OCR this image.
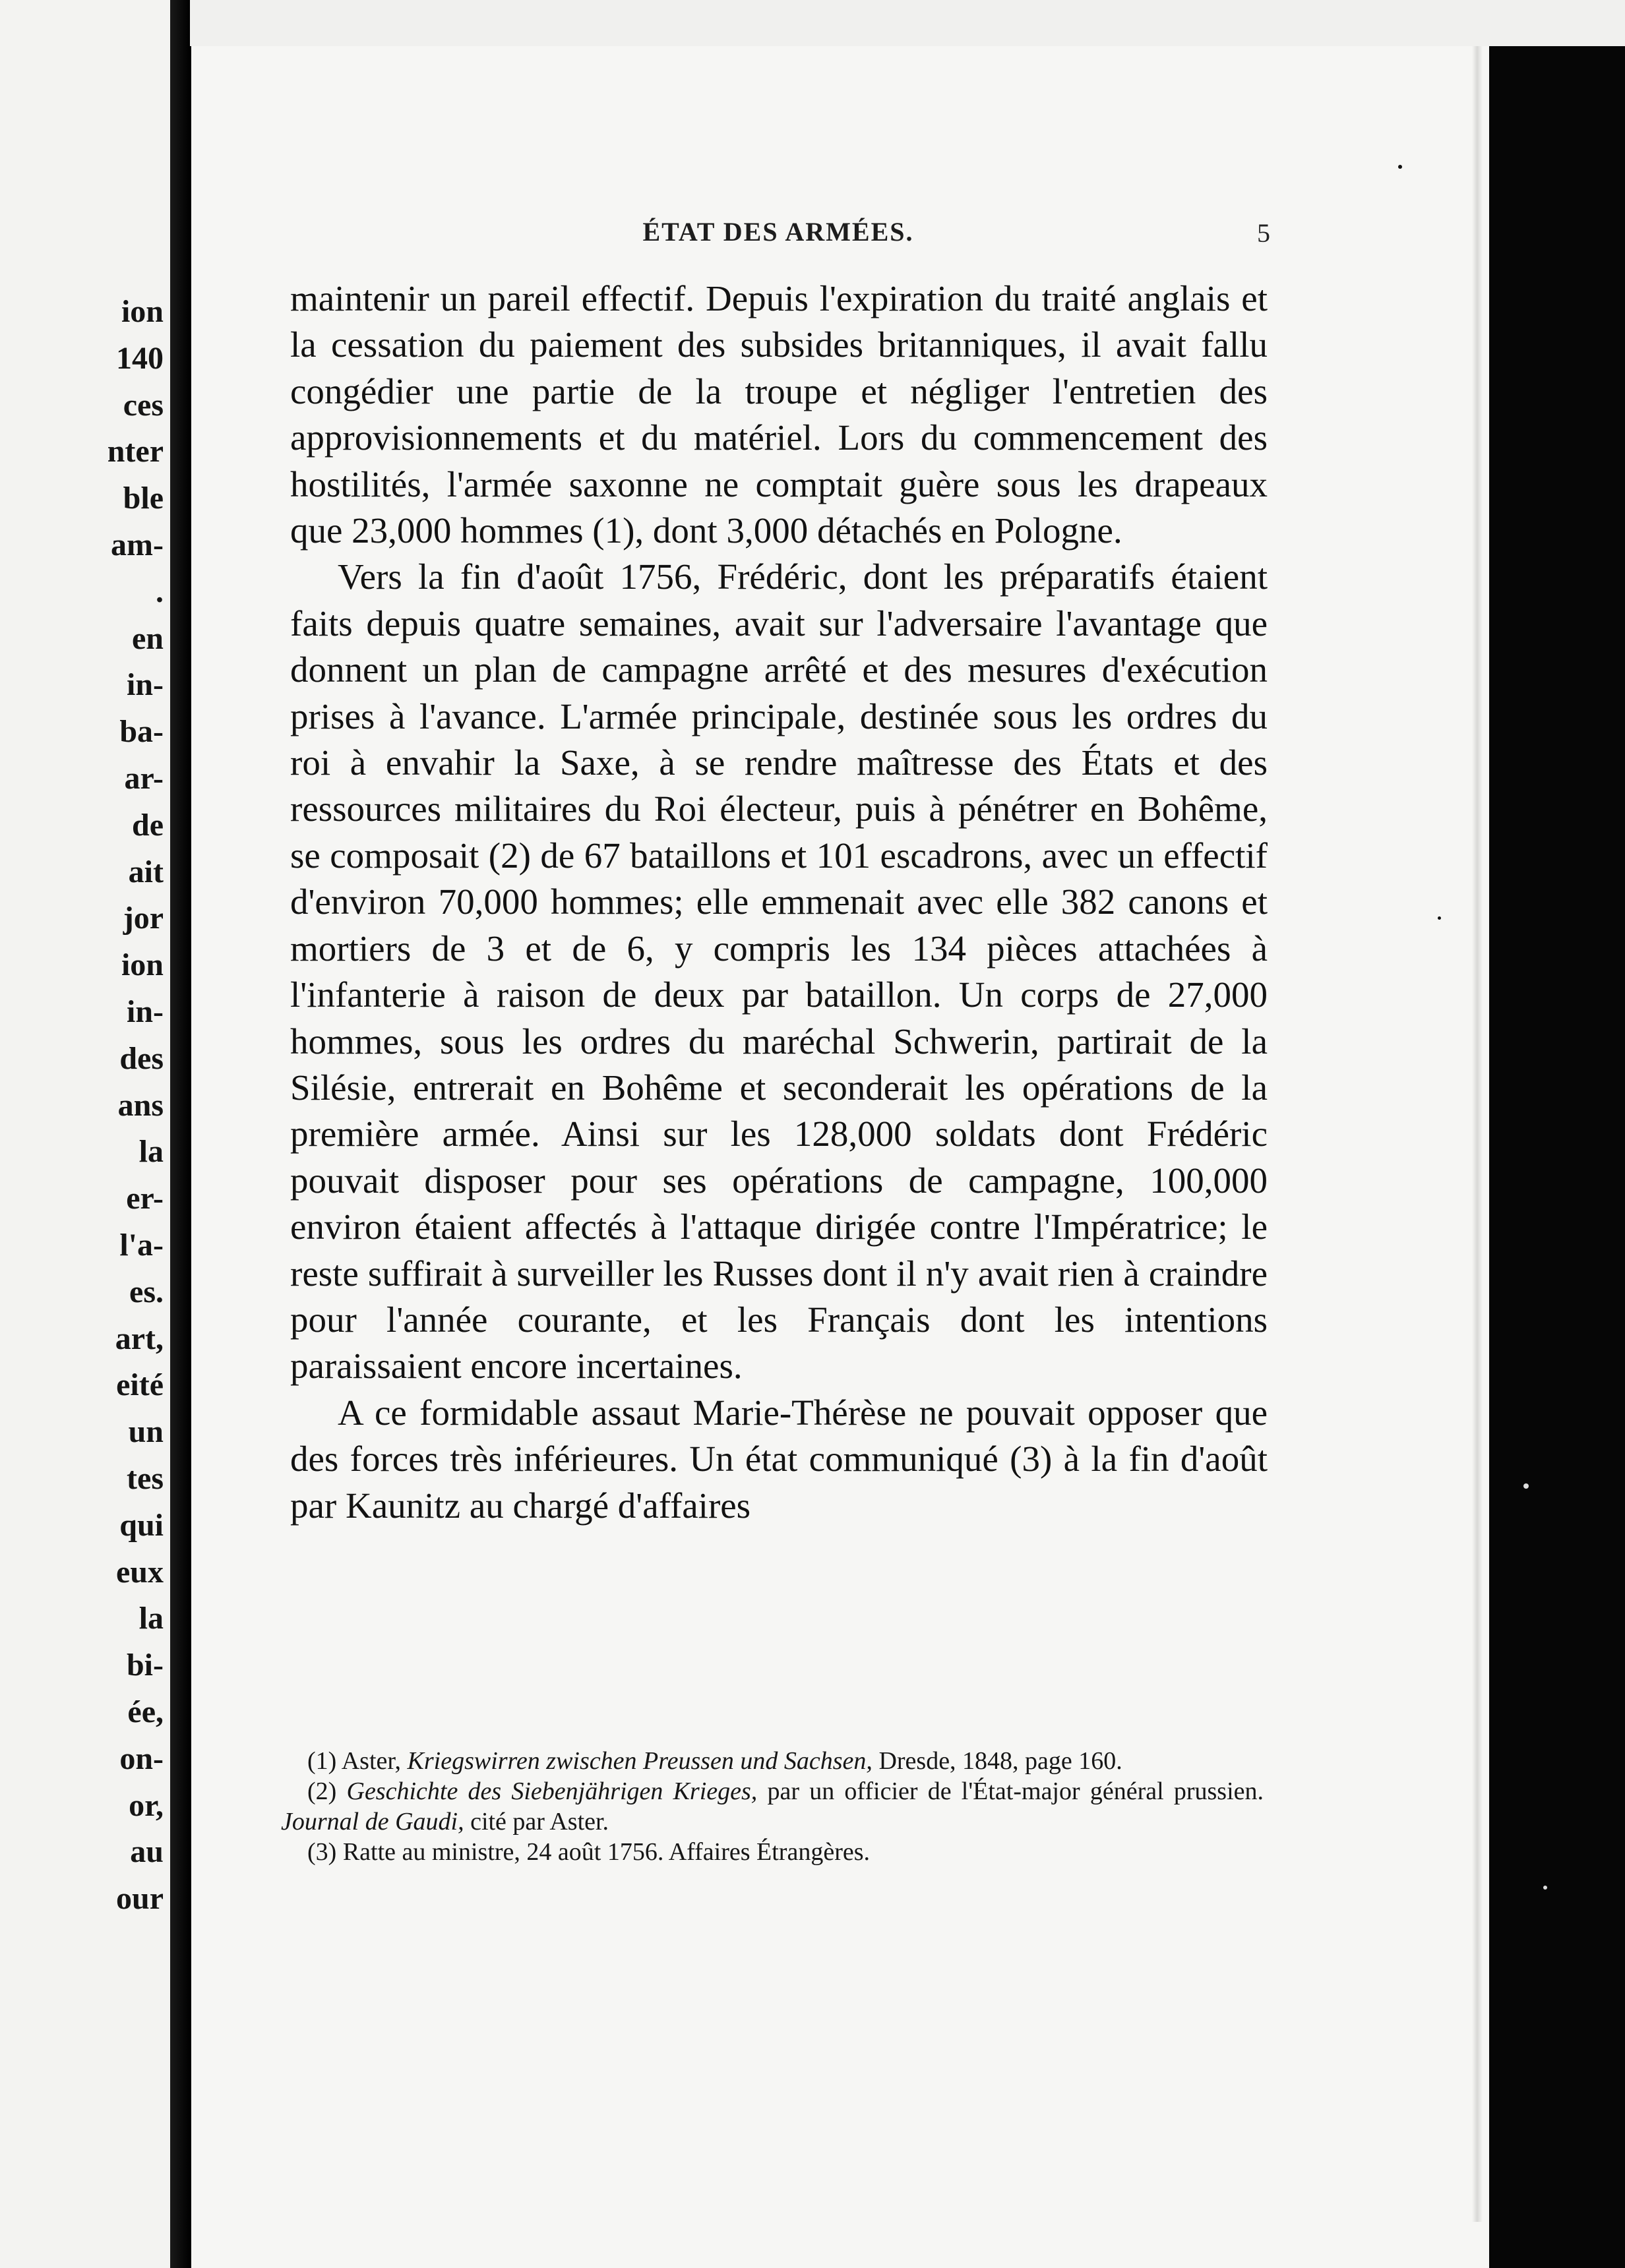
ion
140
ces
nter
ble
am-
.
en
in-
ba-
ar-
de
ait
jor
ion
in-
des
ans
la
er-
l'a-
es.
art,
eité
un
tes
qui
eux
la
bi-
ée,
on-
or,
au
our
ÉTAT DES ARMÉES.	5

maintenir un pareil effectif. Depuis l'expiration du traité anglais et la cessation du paiement des subsides britanniques, il avait fallu congédier une partie de la troupe et négliger l'entretien des approvisionnements et du matériel. Lors du commencement des hostilités, l'armée saxonne ne comptait guère sous les drapeaux que 23,000 hommes (1), dont 3,000 détachés en Pologne.

Vers la fin d'août 1756, Frédéric, dont les préparatifs étaient faits depuis quatre semaines, avait sur l'adversaire l'avantage que donnent un plan de campagne arrêté et des mesures d'exécution prises à l'avance. L'armée principale, destinée sous les ordres du roi à envahir la Saxe, à se rendre maîtresse des États et des ressources militaires du Roi électeur, puis à pénétrer en Bohême, se composait (2) de 67 bataillons et 101 escadrons, avec un effectif d'environ 70,000 hommes; elle emmenait avec elle 382 canons et mortiers de 3 et de 6, y compris les 134 pièces attachées à l'infanterie à raison de deux par bataillon. Un corps de 27,000 hommes, sous les ordres du maréchal Schwerin, partirait de la Silésie, entrerait en Bohême et seconderait les opérations de la première armée. Ainsi sur les 128,000 soldats dont Frédéric pouvait disposer pour ses opérations de campagne, 100,000 environ étaient affectés à l'attaque dirigée contre l'Impératrice; le reste suffirait à surveiller les Russes dont il n'y avait rien à craindre pour l'année courante, et les Français dont les intentions paraissaient encore incertaines.

A ce formidable assaut Marie-Thérèse ne pouvait opposer que des forces très inférieures. Un état communiqué (3) à la fin d'août par Kaunitz au chargé d'affaires

(1) Aster, Kriegswirren zwischen Preussen und Sachsen, Dresde, 1848, page 160.

(2) Geschichte des Siebenjährigen Krieges, par un officier de l'État-major général prussien. Journal de Gaudi, cité par Aster.

(3) Ratte au ministre, 24 août 1756. Affaires Étrangères.
